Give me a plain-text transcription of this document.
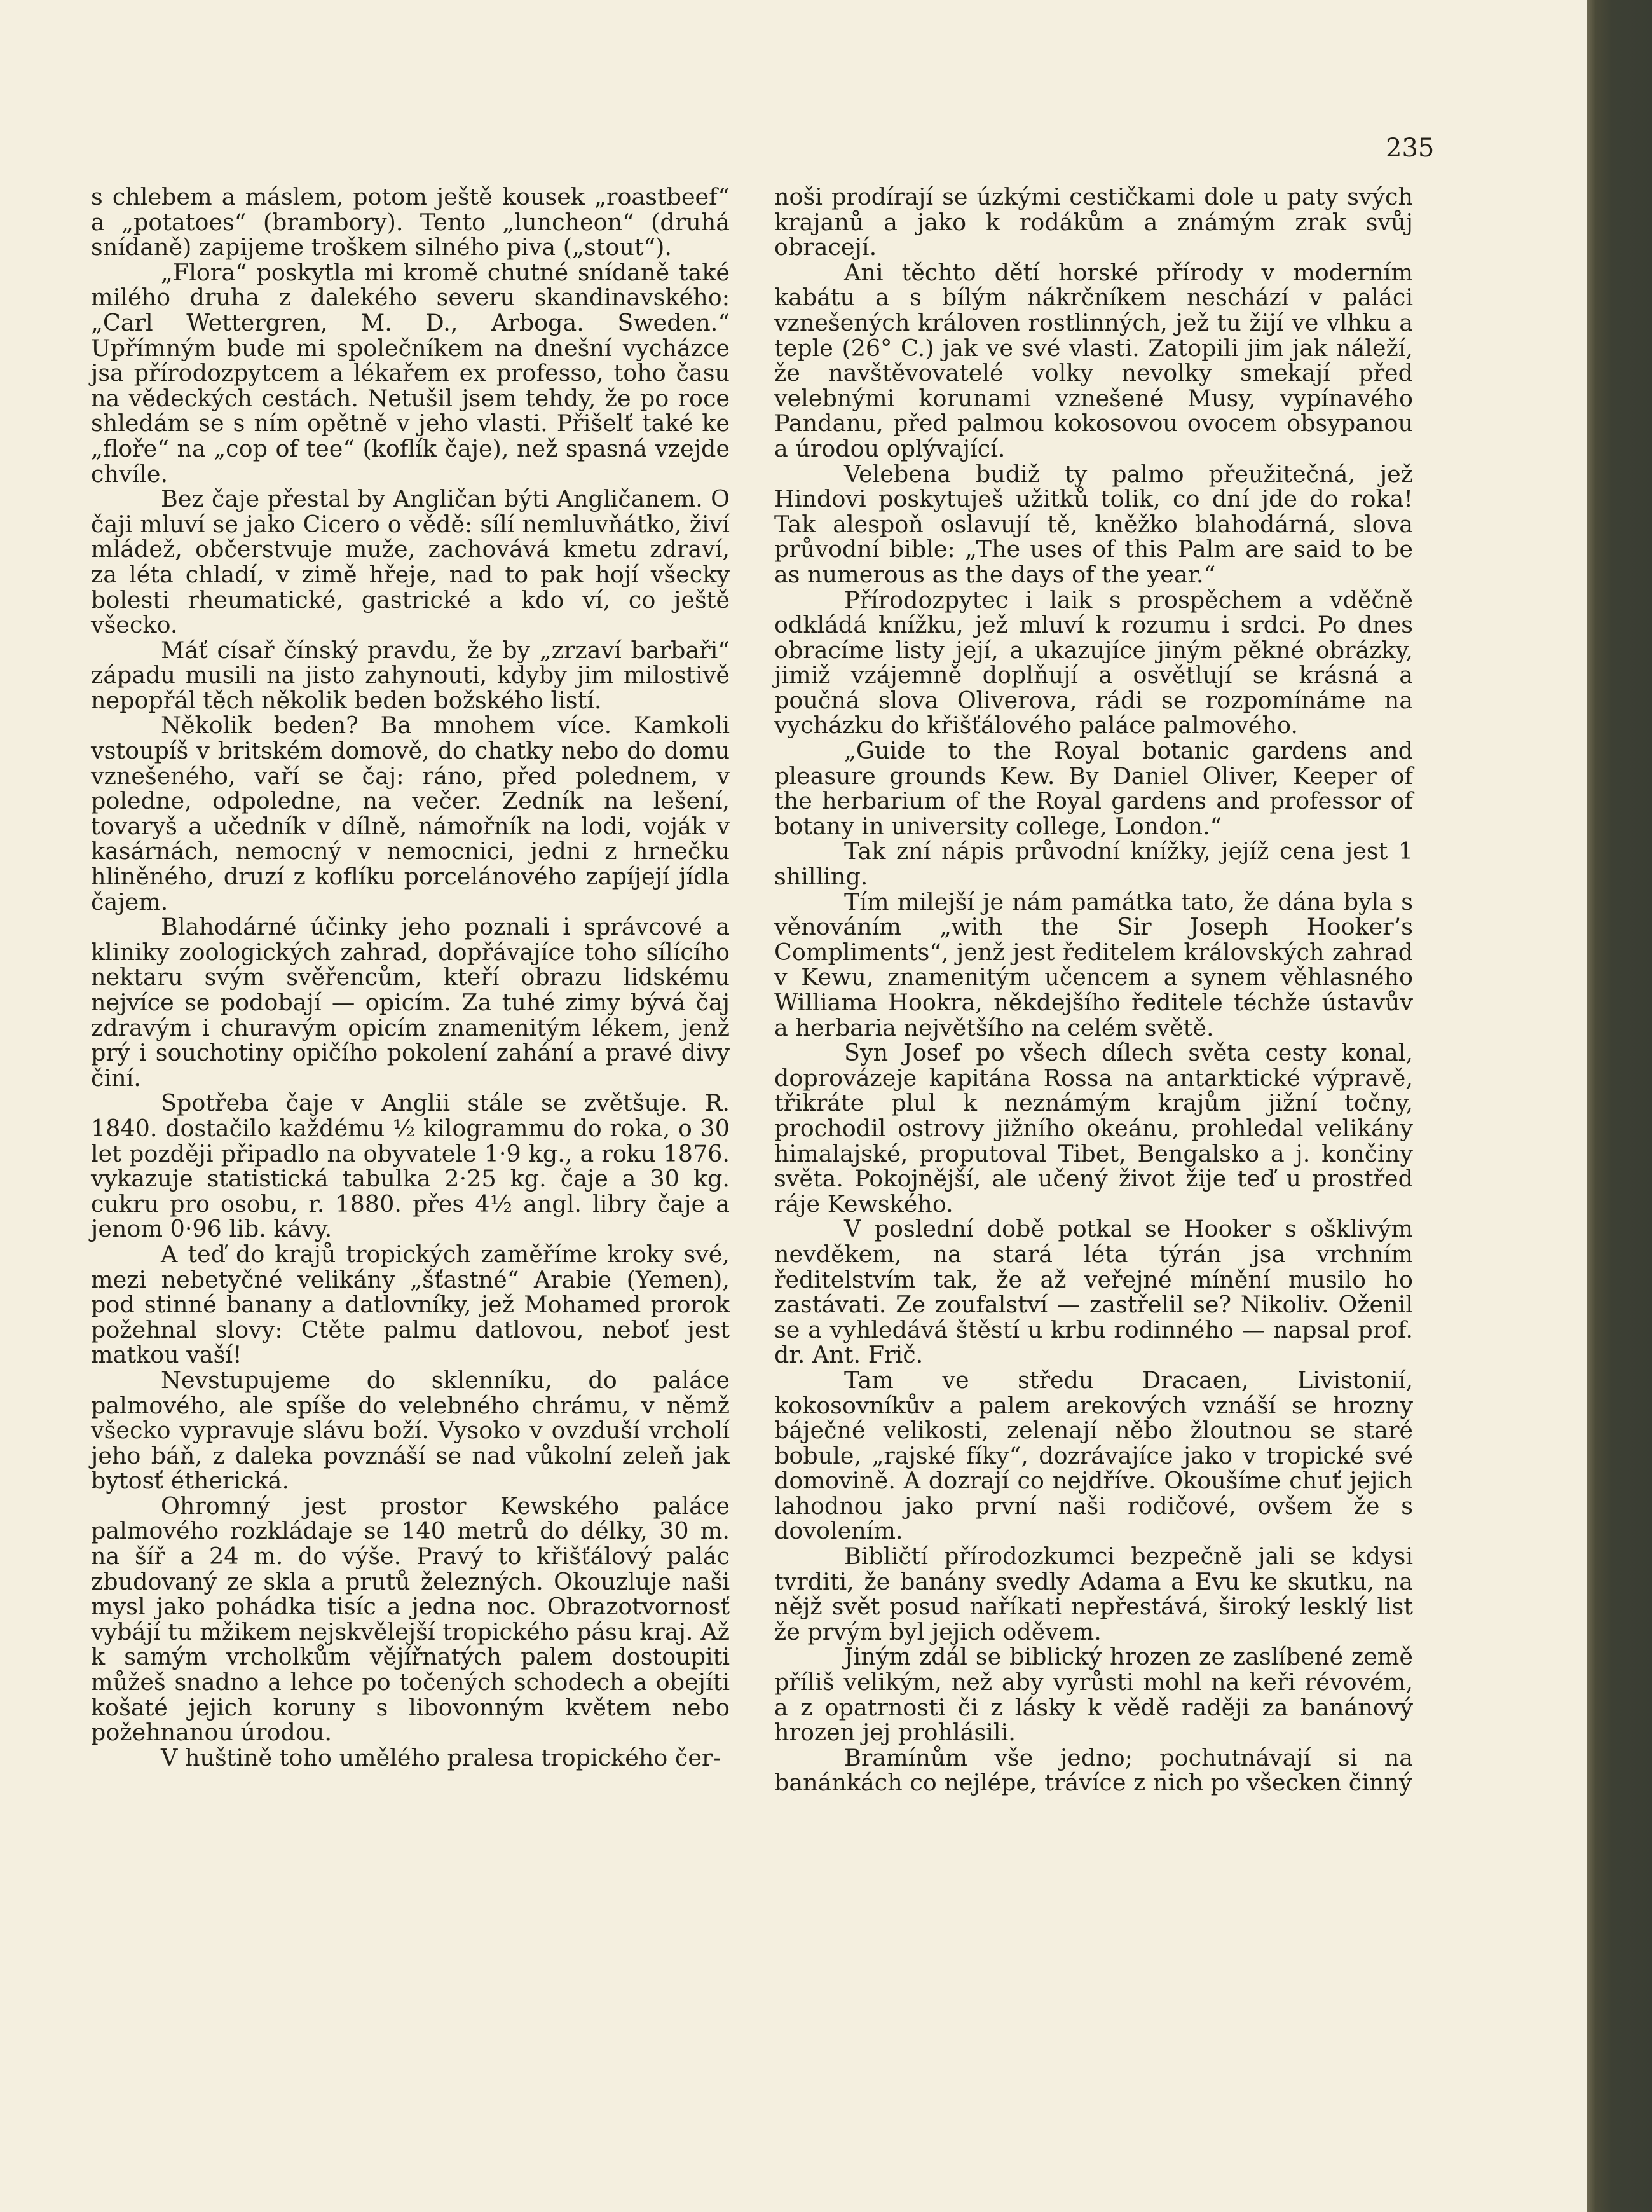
235

s chlebem a máslem, potom ještě kousek „roastbeef“ a „potatoes“ (brambory). Tento „luncheon“ (druhá snídaně) zapijeme troškem silného piva („stout“).

„Flora“ poskytla mi kromě chutné snídaně také milého druha z dalekého severu skandinavského: „Carl Wettergren, M. D., Arboga. Sweden.“ Upřímným bude mi společníkem na dnešní vycházce jsa přírodozpytcem a lékařem ex professo, toho času na vědeckých cestách. Netušil jsem tehdy, že po roce shledám se s ním opětně v jeho vlasti. Přišelť také ke „floře“ na „cop of tee“ (koflík čaje), než spasná vzejde chvíle.

Bez čaje přestal by Angličan býti Angličanem. O čaji mluví se jako Cicero o vědě: sílí nemluvňátko, živí mládež, občerstvuje muže, zachovává kmetu zdraví, za léta chladí, v zimě hřeje, nad to pak hojí všecky bolesti rheumatické, gastrické a kdo ví, co ještě všecko.

Máť císař čínský pravdu, že by „zrzaví barbaři“ západu musili na jisto zahynouti, kdyby jim milostivě nepopřál těch několik beden božského listí.

Několik beden? Ba mnohem více. Kamkoli vstoupíš v britském domově, do chatky nebo do domu vznešeného, vaří se čaj: ráno, před polednem, v poledne, odpoledne, na večer. Zedník na lešení, tovaryš a učedník v dílně, námořník na lodi, voják v kasárnách, nemocný v nemocnici, jedni z hrnečku hliněného, druzí z koflíku porcelánového zapíjejí jídla čajem.

Blahodárné účinky jeho poznali i správcové a kliniky zoologických zahrad, dopřávajíce toho sílícího nektaru svým svěřencům, kteří obrazu lidskému nejvíce se podobají — opicím. Za tuhé zimy bývá čaj zdravým i churavým opicím znamenitým lékem, jenž prý i souchotiny opičího pokolení zahání a pravé divy činí.

Spotřeba čaje v Anglii stále se zvětšuje. R. 1840. dostačilo každému ½ kilogrammu do roka, o 30 let později připadlo na obyvatele 1·9 kg., a roku 1876. vykazuje statistická tabulka 2·25 kg. čaje a 30 kg. cukru pro osobu, r. 1880. přes 4½ angl. libry čaje a jenom 0·96 lib. kávy.

A teď do krajů tropických zaměříme kroky své, mezi nebetyčné velikány „šťastné“ Arabie (Yemen), pod stinné banany a datlovníky, jež Mohamed prorok požehnal slovy: Ctěte palmu datlovou, neboť jest matkou vaší!

Nevstupujeme do sklenníku, do paláce palmového, ale spíše do velebného chrámu, v němž všecko vypravuje slávu boží. Vysoko v ovzduší vrcholí jeho báň, z daleka povznáší se nad vůkolní zeleň jak bytosť étherická.

Ohromný jest prostor Kewského paláce palmového rozkládaje se 140 metrů do délky, 30 m. na šíř a 24 m. do výše. Pravý to křišťálový palác zbudovaný ze skla a prutů železných. Okouzluje naši mysl jako pohádka tisíc a jedna noc. Obrazotvornosť vybájí tu mžikem nejskvělejší tropického pásu kraj. Až k samým vrcholkům vějířnatých palem dostoupiti můžeš snadno a lehce po točených schodech a obejíti košaté jejich koruny s libovonným květem nebo požehnanou úrodou.

V huštině toho umělého pralesa tropického čer-

noši prodírají se úzkými cestičkami dole u paty svých krajanů a jako k rodákům a známým zrak svůj obracejí.

Ani těchto dětí horské přírody v moderním kabátu a s bílým nákrčníkem neschází v paláci vznešených královen rostlinných, jež tu žijí ve vlhku a teple (26° C.) jak ve své vlasti. Zatopili jim jak náleží, že navštěvovatelé volky nevolky smekají před velebnými korunami vznešené Musy, vypínavého Pandanu, před palmou kokosovou ovocem obsypanou a úrodou oplývající.

Velebena budiž ty palmo přeužitečná, jež Hindovi poskytuješ užitků tolik, co dní jde do roka! Tak alespoň oslavují tě, kněžko blahodárná, slova průvodní bible: „The uses of this Palm are said to be as numerous as the days of the year.“

Přírodozpytec i laik s prospěchem a vděčně odkládá knížku, jež mluví k rozumu i srdci. Po dnes obracíme listy její, a ukazujíce jiným pěkné obrázky, jimiž vzájemně doplňují a osvětlují se krásná a poučná slova Oliverova, rádi se rozpomínáme na vycházku do křišťálového paláce palmového.

„Guide to the Royal botanic gardens and pleasure grounds Kew. By Daniel Oliver, Keeper of the herbarium of the Royal gardens and professor of botany in university college, London.“

Tak zní nápis průvodní knížky, jejíž cena jest 1 shilling.

Tím milejší je nám památka tato, že dána byla s věnováním „with the Sir Joseph Hooker’s Compliments“, jenž jest ředitelem královských zahrad v Kewu, znamenitým učencem a synem věhlasného Williama Hookra, někdejšího ředitele téchže ústavův a herbaria největšího na celém světě.

Syn Josef po všech dílech světa cesty konal, doprovázeje kapitána Rossa na antarktické výpravě, třikráte plul k neznámým krajům jižní točny, prochodil ostrovy jižního okeánu, prohledal velikány himalajské, proputoval Tibet, Bengalsko a j. končiny světa. Pokojnější, ale učený život žije teď u prostřed ráje Kewského.

V poslední době potkal se Hooker s ošklivým nevděkem, na stará léta týrán jsa vrchním ředitelstvím tak, že až veřejné mínění musilo ho zastávati. Ze zoufalství — zastřelil se? Nikoliv. Oženil se a vyhledává štěstí u krbu rodinného — napsal prof. dr. Ant. Frič.

Tam ve středu Dracaen, Livistonií, kokosovníkův a palem arekových vznáší se hrozny báječné velikosti, zelenají něbo žloutnou se staré bobule, „rajské fíky“, dozrávajíce jako v tropické své domovině. A dozrají co nejdříve. Okoušíme chuť jejich lahodnou jako první naši rodičové, ovšem že s dovolením.

Bibličtí přírodozkumci bezpečně jali se kdysi tvrditi, že banány svedly Adama a Evu ke skutku, na nějž svět posud naříkati nepřestává, široký lesklý list že prvým byl jejich oděvem.

Jiným zdál se biblický hrozen ze zaslíbené země příliš velikým, než aby vyrůsti mohl na keři révovém, a z opatrnosti či z lásky k vědě raději za banánový hrozen jej prohlásili.

Bramínům vše jedno; pochutnávají si na banánkách co nejlépe, trávíce z nich po všecken činný
